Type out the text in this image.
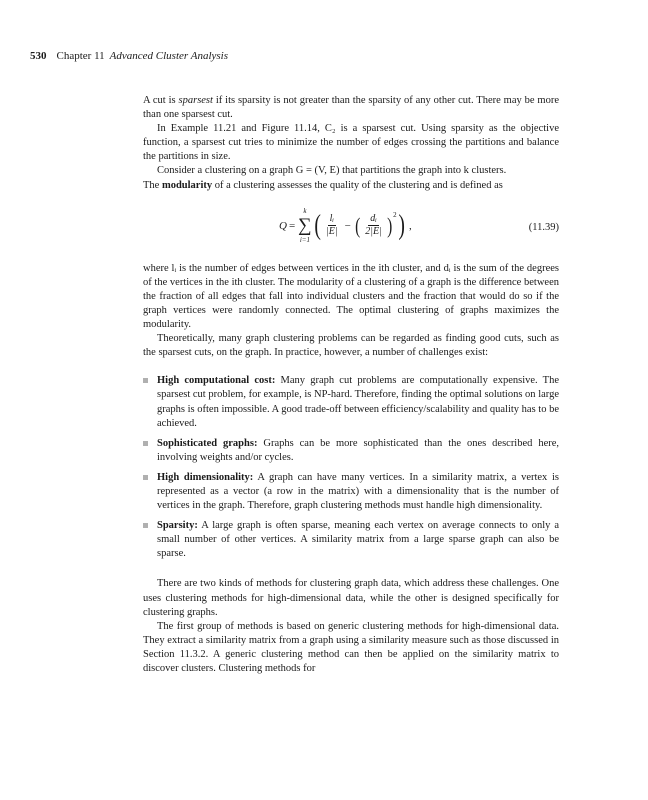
530 Chapter 11 Advanced Cluster Analysis

A cut is sparsest if its sparsity is not greater than the sparsity of any other cut. There may be more than one sparsest cut.

In Example 11.21 and Figure 11.14, C₂ is a sparsest cut. Using sparsity as the objective function, a sparsest cut tries to minimize the number of edges crossing the partitions and balance the partitions in size.

Consider a clustering on a graph G = (V, E) that partitions the graph into k clusters.

The modularity of a clustering assesses the quality of the clustering and is defined as

Q =
k
∑
i=1 ( $\frac{\text{lᵢ}}{|E|}$ − ( $\frac{\text{dᵢ}}{2|E|}$ ) 2 ) ,	(11.39)

where lᵢ is the number of edges between vertices in the ith cluster, and dᵢ is the sum of the degrees of the vertices in the ith cluster. The modularity of a clustering of a graph is the difference between the fraction of all edges that fall into individual clusters and the fraction that would do so if the graph vertices were randomly connected. The optimal clustering of graphs maximizes the modularity.

Theoretically, many graph clustering problems can be regarded as finding good cuts, such as the sparsest cuts, on the graph. In practice, however, a number of challenges exist:

High computational cost: Many graph cut problems are computationally expensive. The sparsest cut problem, for example, is NP-hard. Therefore, finding the optimal solutions on large graphs is often impossible. A good trade-off between efficiency/scalability and quality has to be achieved.
Sophisticated graphs: Graphs can be more sophisticated than the ones described here, involving weights and/or cycles.
High dimensionality: A graph can have many vertices. In a similarity matrix, a vertex is represented as a vector (a row in the matrix) with a dimensionality that is the number of vertices in the graph. Therefore, graph clustering methods must handle high dimensionality.
Sparsity: A large graph is often sparse, meaning each vertex on average connects to only a small number of other vertices. A similarity matrix from a large sparse graph can also be sparse.

There are two kinds of methods for clustering graph data, which address these challenges. One uses clustering methods for high-dimensional data, while the other is designed specifically for clustering graphs.

The first group of methods is based on generic clustering methods for high-dimensional data. They extract a similarity matrix from a graph using a similarity measure such as those discussed in Section 11.3.2. A generic clustering method can then be applied on the similarity matrix to discover clusters. Clustering methods for
